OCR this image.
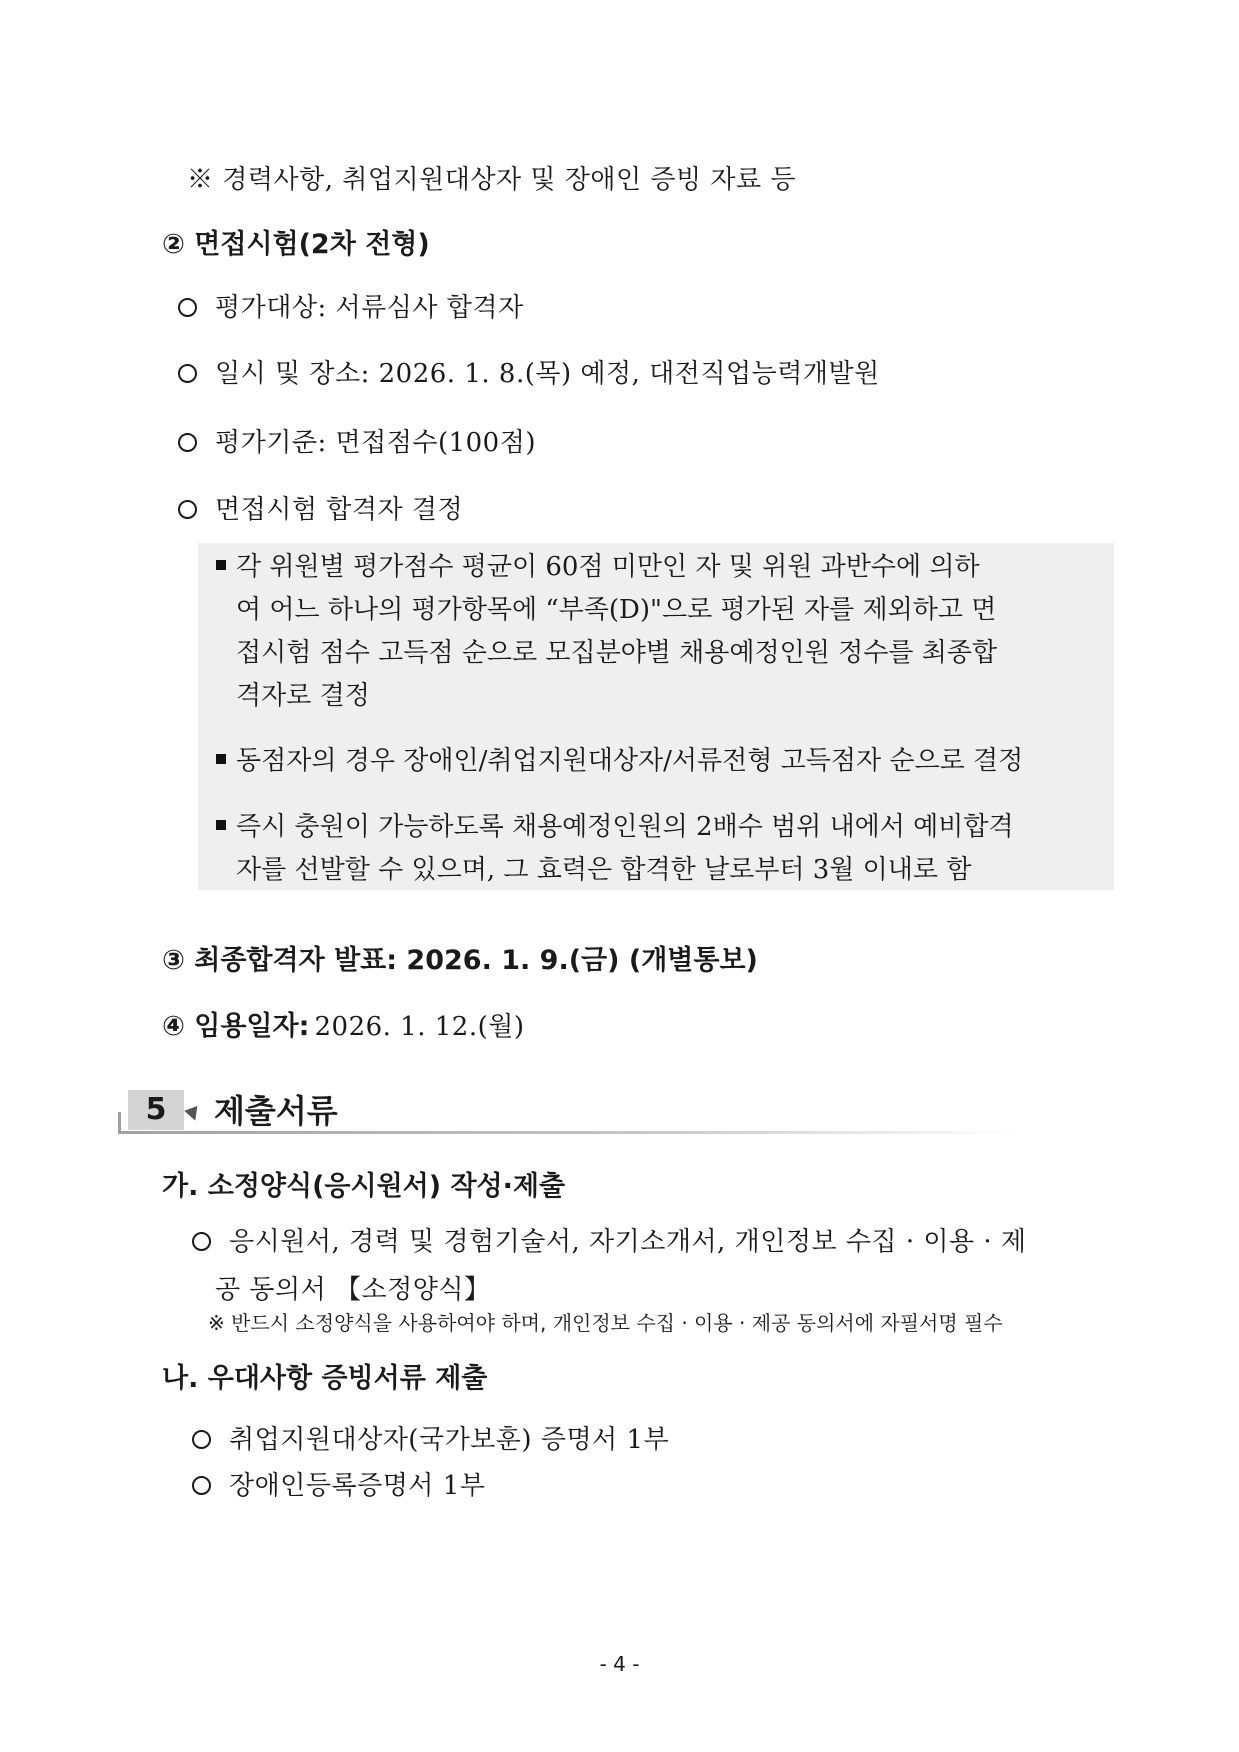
※ 경력사항, 취업지원대상자 및 장애인 증빙 자료 등
② 면접시험(2차 전형)
평가대상: 서류심사 합격자
일시 및 장소: 2026. 1. 8.(목) 예정, 대전직업능력개발원
평가기준: 면접점수(100점)
면접시험 합격자 결정
각 위원별 평가점수 평균이 60점 미만인 자 및 위원 과반수에 의하
여 어느 하나의 평가항목에 “부족(D)"으로 평가된 자를 제외하고 면
접시험 점수 고득점 순으로 모집분야별 채용예정인원 정수를 최종합
격자로 결정
동점자의 경우 장애인/취업지원대상자/서류전형 고득점자 순으로 결정
즉시 충원이 가능하도록 채용예정인원의 2배수 범위 내에서 예비합격
자를 선발할 수 있으며, 그 효력은 합격한 날로부터 3월 이내로 함
③ 최종합격자 발표: 2026. 1. 9.(금) (개별통보)
④ 임용일자: 2026. 1. 12.(월)
5	제출서류
가. 소정양식(응시원서) 작성·제출
응시원서, 경력 및 경험기술서, 자기소개서, 개인정보 수집 · 이용 · 제
공 동의서 【소정양식】
※ 반드시 소정양식을 사용하여야 하며, 개인정보 수집 · 이용 · 제공 동의서에 자필서명 필수
나. 우대사항 증빙서류 제출
취업지원대상자(국가보훈) 증명서 1부
장애인등록증명서 1부
- 4 -
